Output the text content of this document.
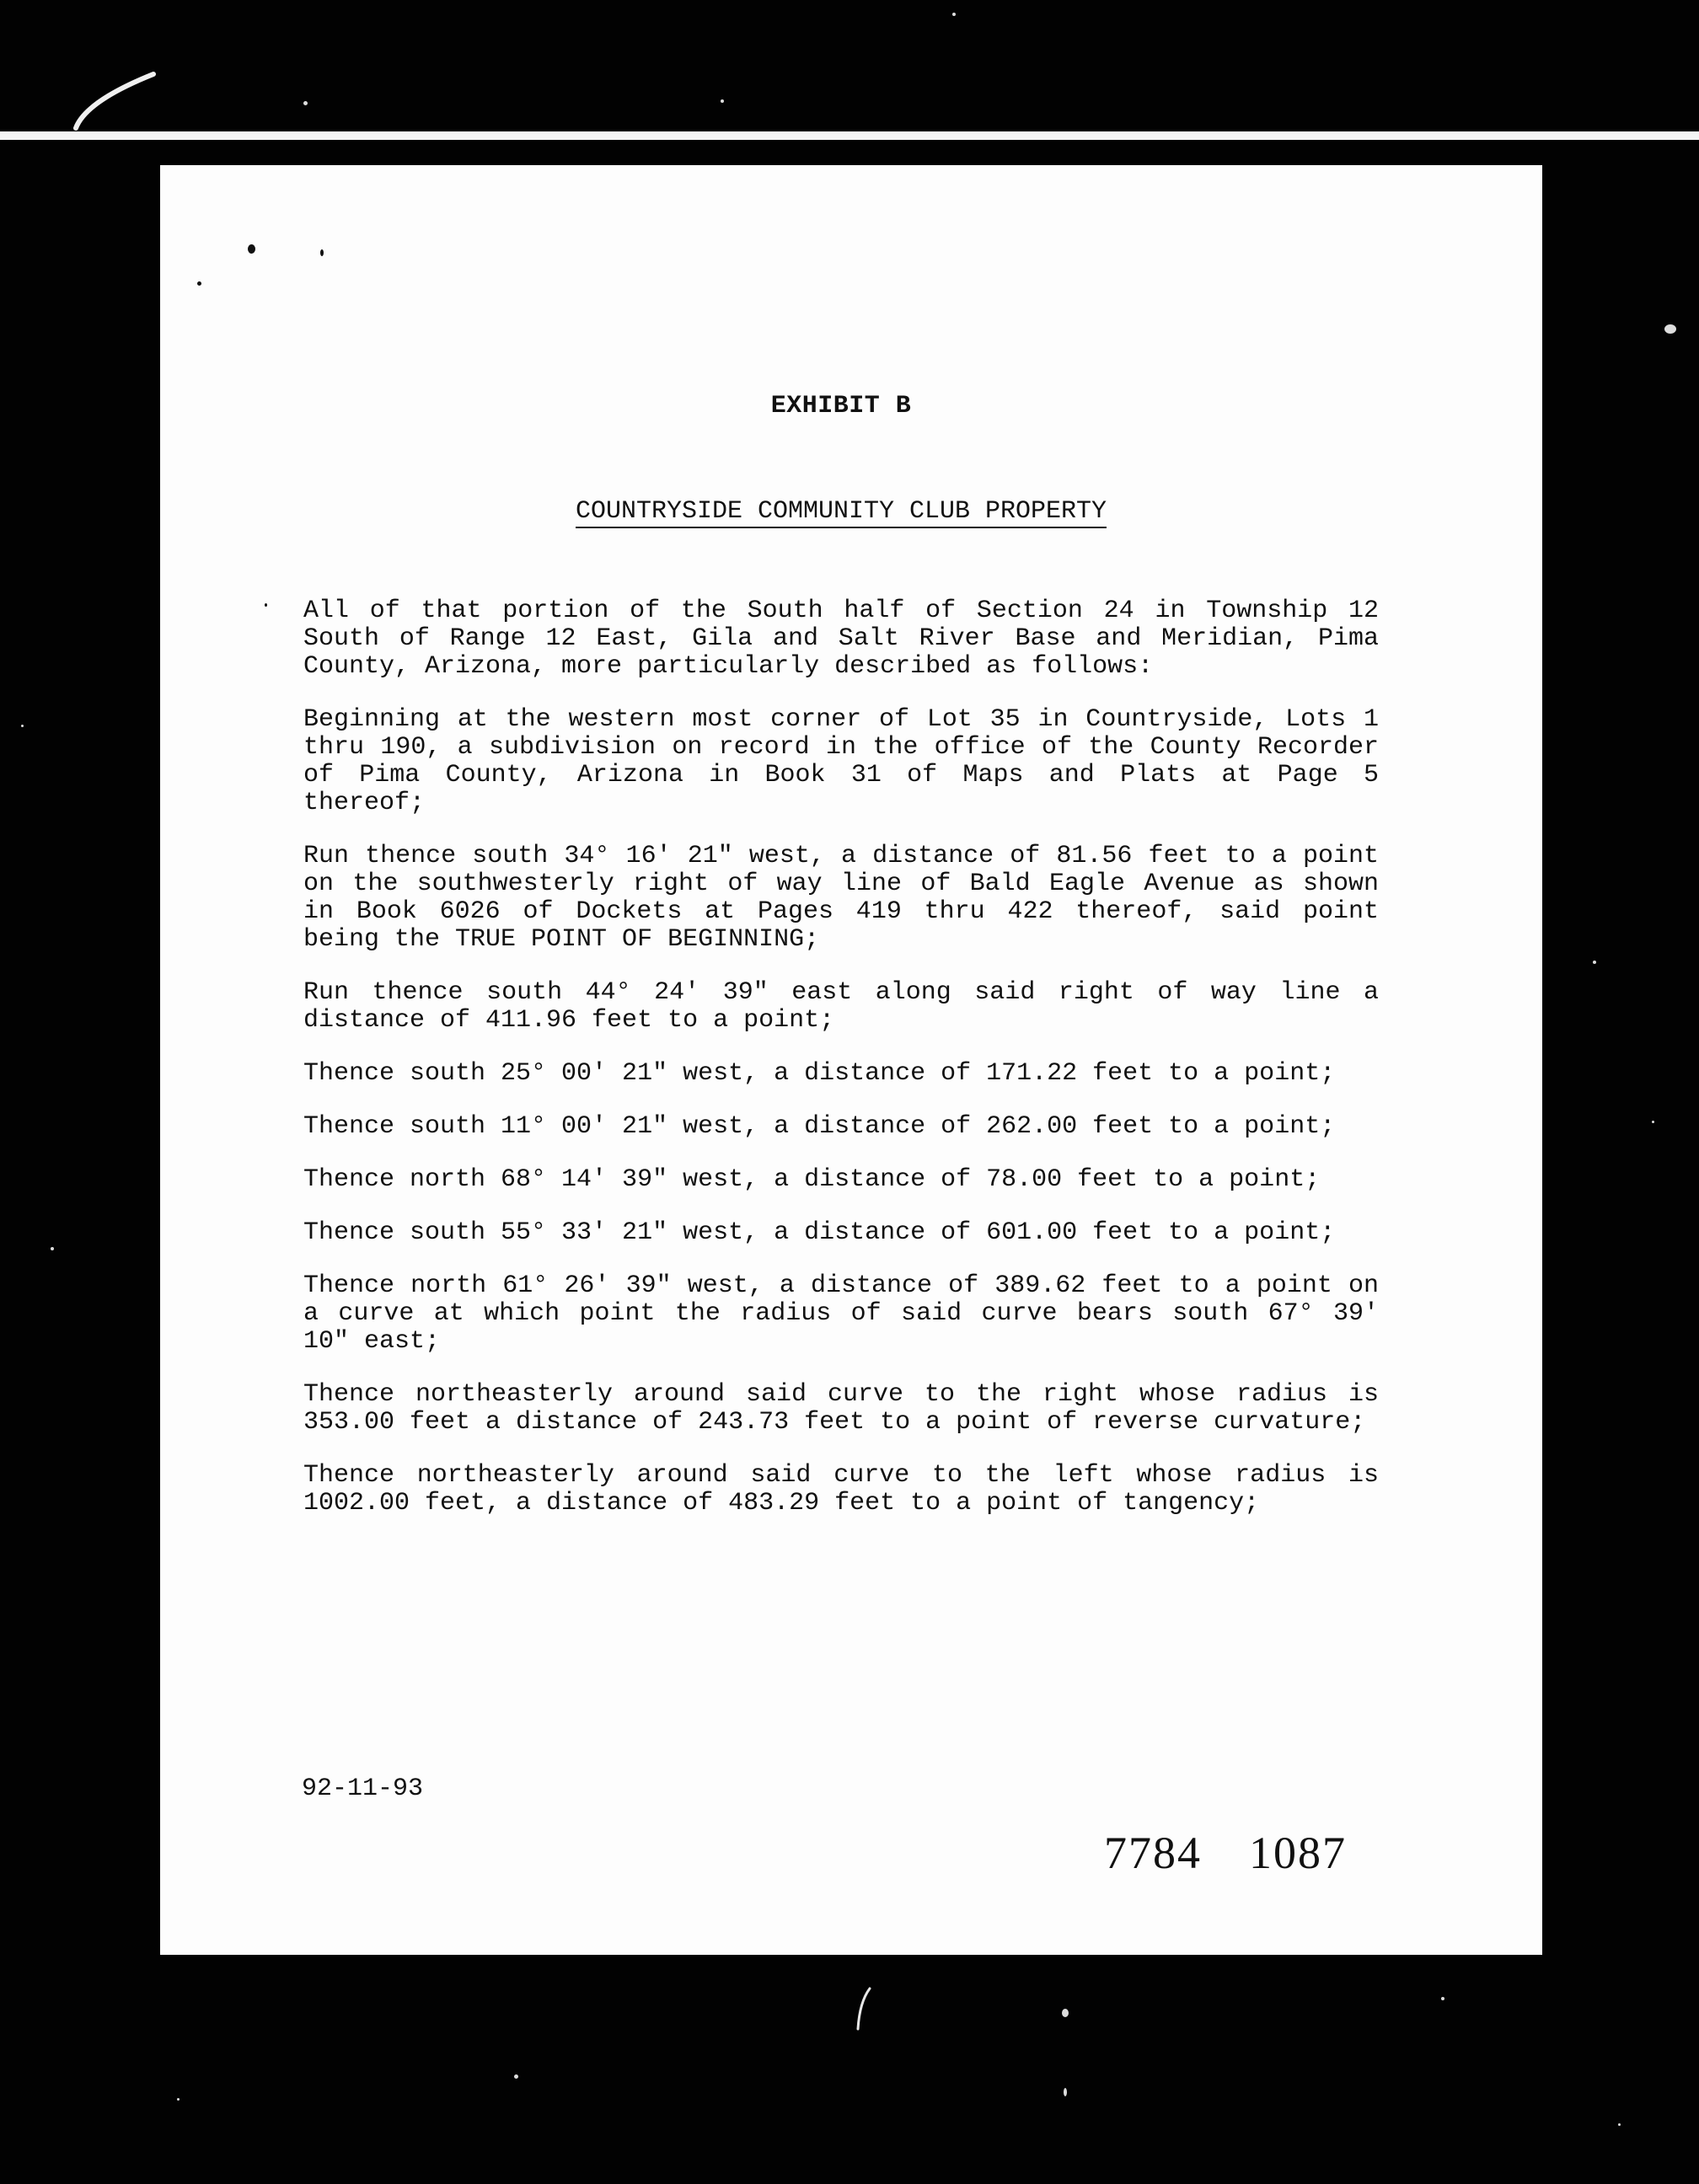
EXHIBIT B
COUNTRYSIDE COMMUNITY CLUB PROPERTY

All of that portion of the South half of Section 24 in Township 12 South of Range 12 East, Gila and Salt River Base and Meridian, Pima County, Arizona, more particularly described as follows:

Beginning at the western most corner of Lot 35 in Countryside, Lots 1 thru 190, a subdivision on record in the office of the County Recorder of Pima County, Arizona in Book 31 of Maps and Plats at Page 5 thereof;

Run thence south 34° 16' 21" west, a distance of 81.56 feet to a point on the southwesterly right of way line of Bald Eagle Avenue as shown in Book 6026 of Dockets at Pages 419 thru 422 thereof, said point being the TRUE POINT OF BEGINNING;

Run thence south 44° 24' 39" east along said right of way line a distance of 411.96 feet to a point;

Thence south 25° 00' 21" west, a distance of 171.22 feet to a point;

Thence south 11° 00' 21" west, a distance of 262.00 feet to a point;

Thence north 68° 14' 39" west, a distance of 78.00 feet to a point;

Thence south 55° 33' 21" west, a distance of 601.00 feet to a point;

Thence north 61° 26' 39" west, a distance of 389.62 feet to a point on a curve at which point the radius of said curve bears south 67° 39' 10" east;

Thence northeasterly around said curve to the right whose radius is 353.00 feet a distance of 243.73 feet to a point of reverse curvature;

Thence northeasterly around said curve to the left whose radius is 1002.00 feet, a distance of 483.29 feet to a point of tangency;

92-11-93
7784 1087
